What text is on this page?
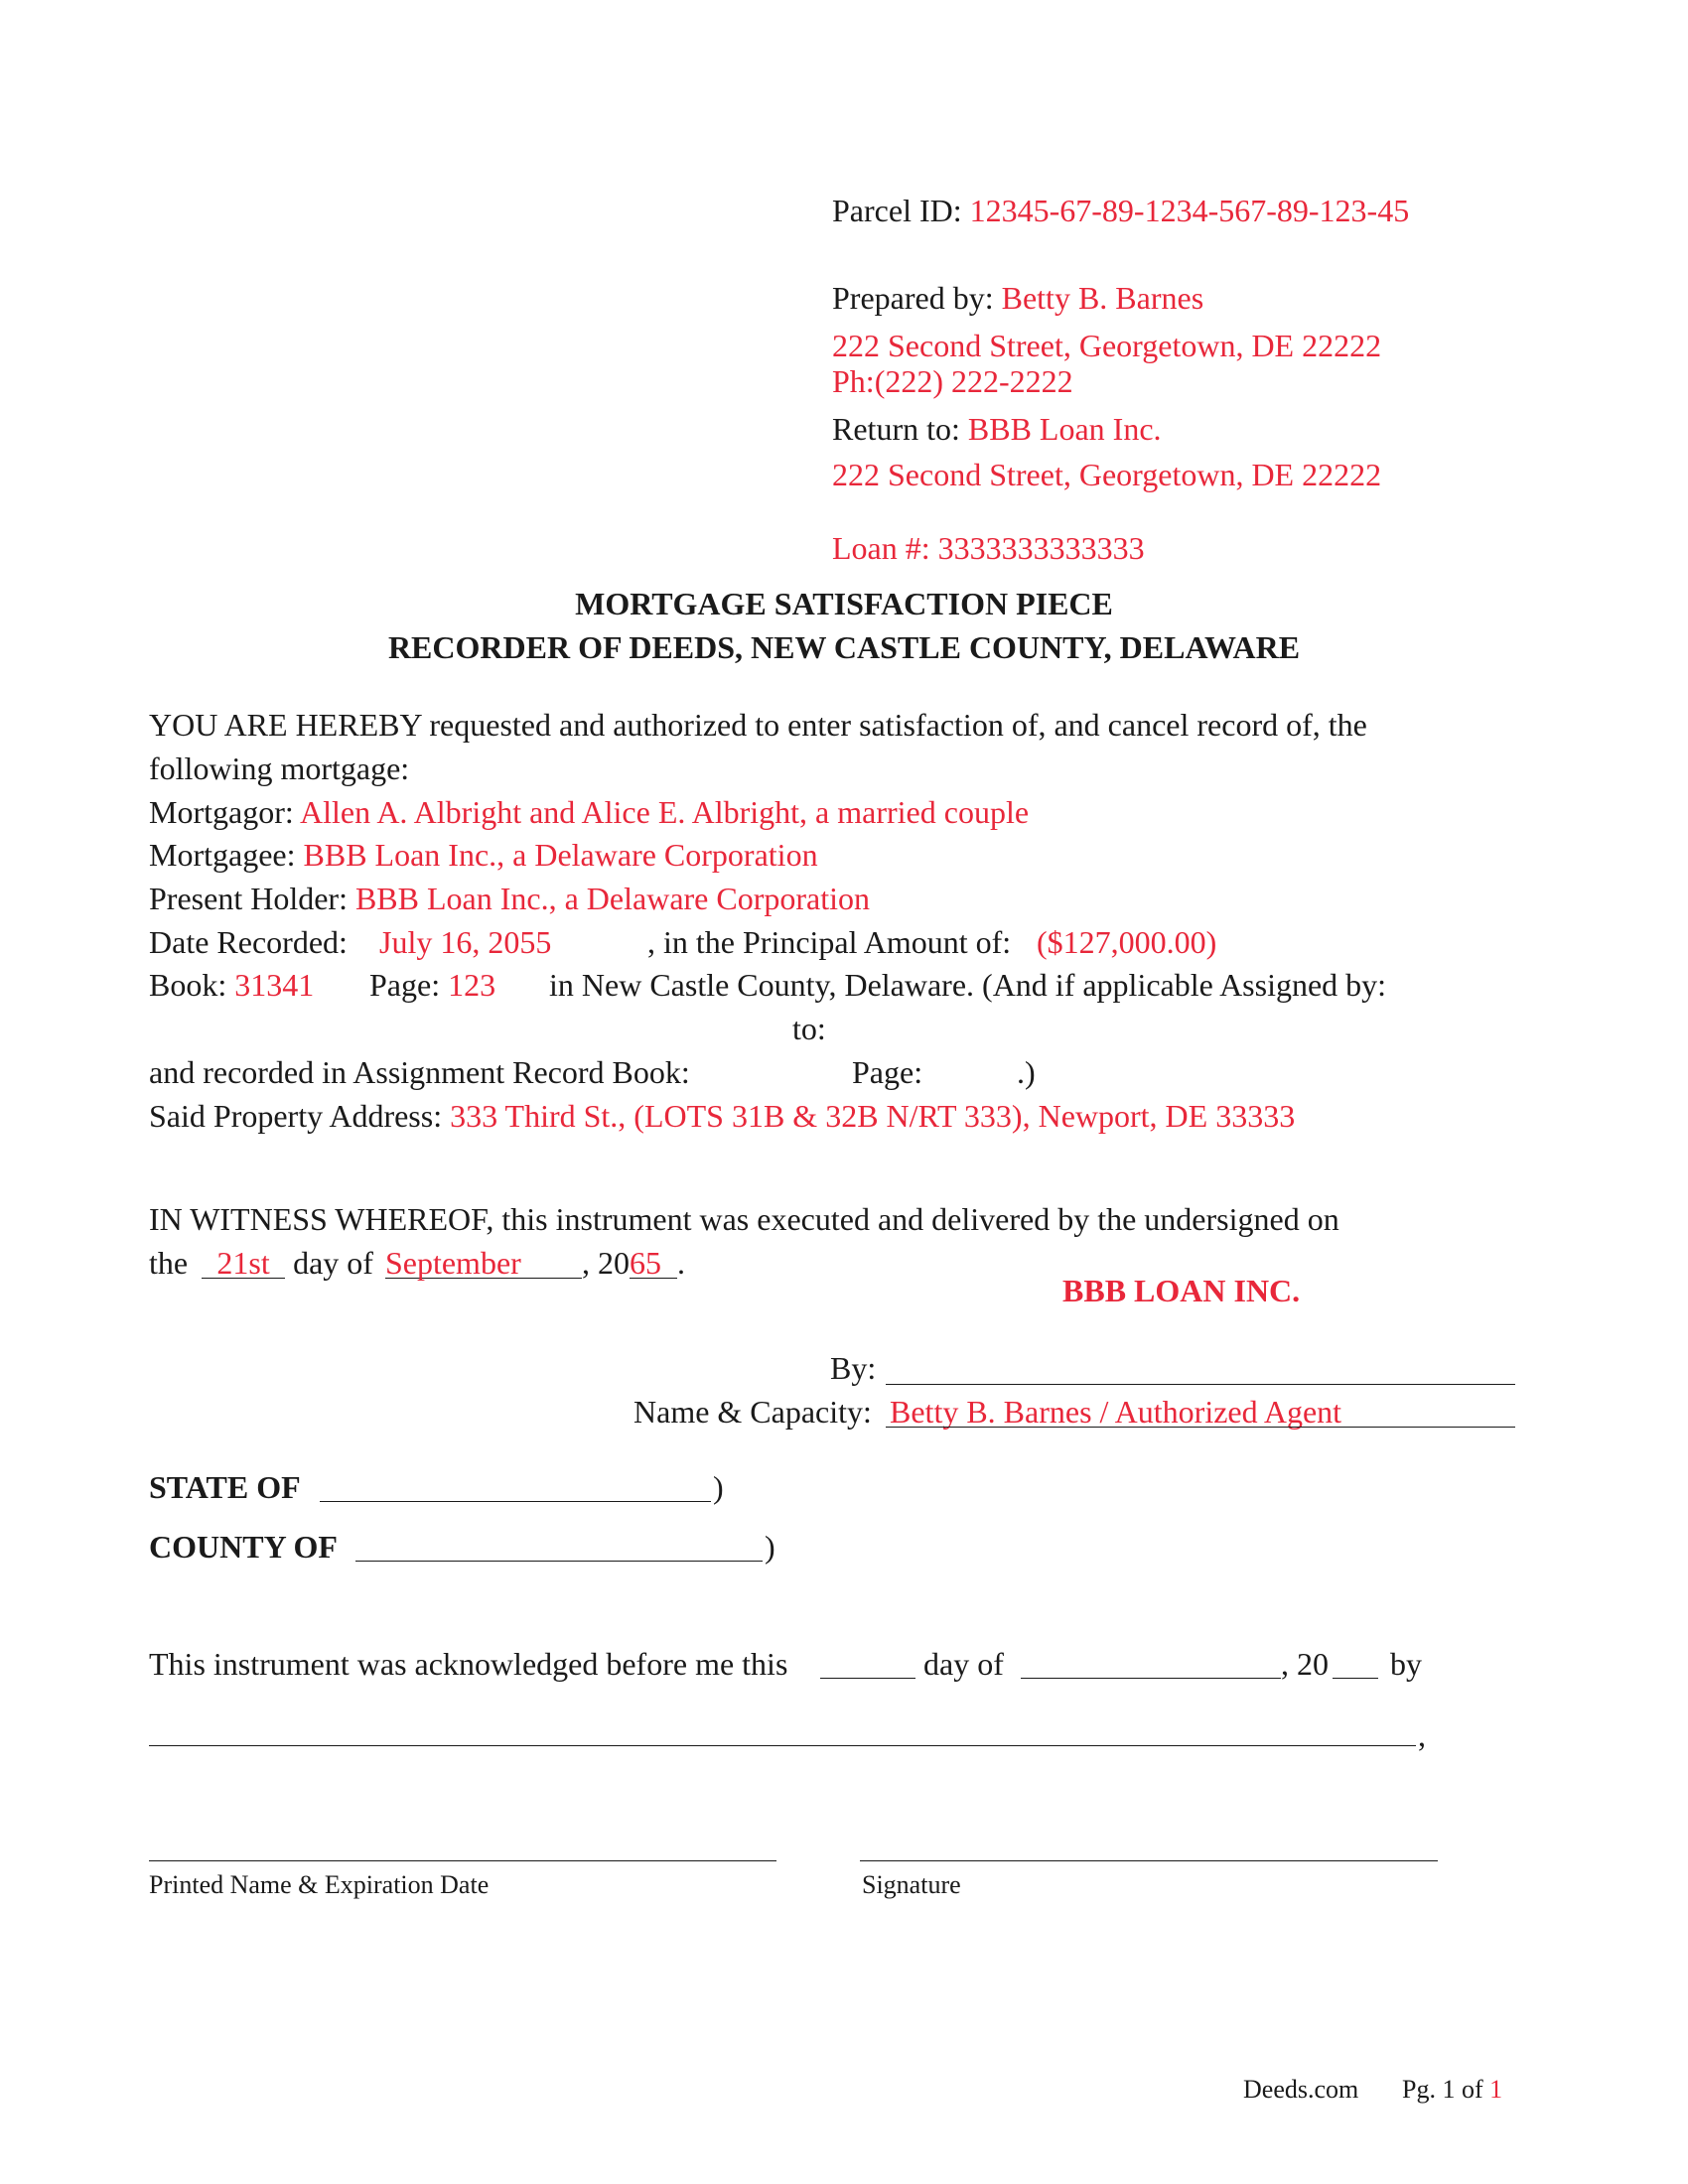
Parcel ID: 12345-67-89-1234-567-89-123-45
Prepared by: Betty B. Barnes
222 Second Street, Georgetown, DE 22222
Ph:(222) 222-2222
Return to: BBB Loan Inc.
222 Second Street, Georgetown, DE 22222
Loan #: 3333333333333
MORTGAGE SATISFACTION PIECE
RECORDER OF DEEDS, NEW CASTLE COUNTY, DELAWARE
YOU ARE HEREBY requested and authorized to enter satisfaction of, and cancel record of, the
following mortgage:
Mortgagor: Allen A. Albright and Alice E. Albright, a married couple
Mortgagee: BBB Loan Inc., a Delaware Corporation
Present Holder: BBB Loan Inc., a Delaware Corporation
Date Recorded: July 16, 2055	, in the Principal Amount of: ($127,000.00)
Book: 31341 Page: 123 in New Castle County, Delaware. (And if applicable Assigned by:
to:
and recorded in Assignment Record Book:	Page:	.)
Said Property Address: 333 Third St., (LOTS 31B & 32B N/RT 333), Newport, DE 33333
IN WITNESS WHEREOF, this instrument was executed and delivered by the undersigned on
the 21st day of September , 2065 .
BBB LOAN INC.
By:
Name & Capacity: Betty B. Barnes / Authorized Agent
STATE OF	)
COUNTY OF	)
This instrument was acknowledged before me this	day of	, 20 by
,
Printed Name & Expiration Date	Signature
Deeds.com Pg. 1 of 1
